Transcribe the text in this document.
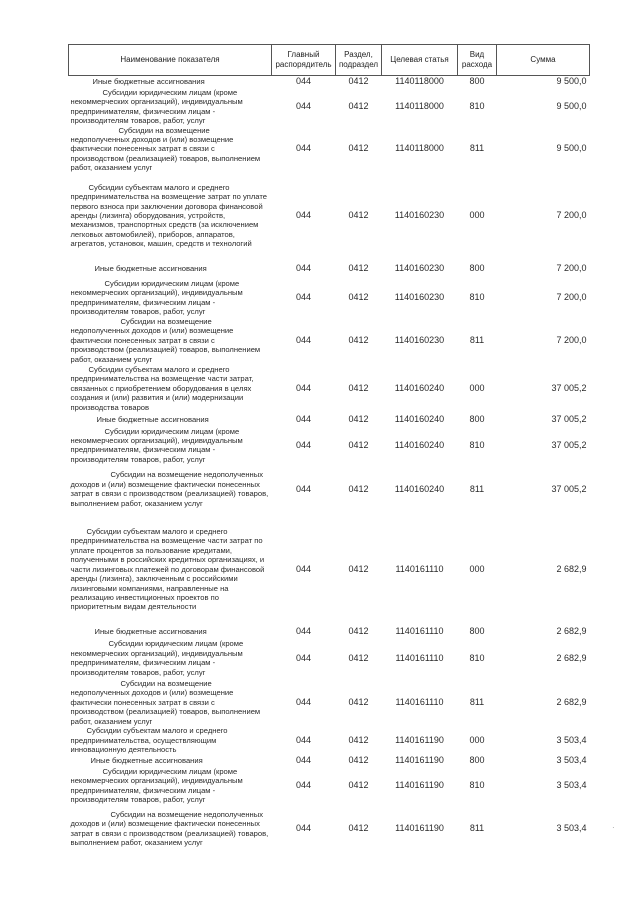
Наименование показателя	Главный распорядитель	Раздел, подраздел	Целевая статья	Вид расхода	Сумма

Иные бюджетные ассигнования	044	0412	1140118000	800	9 500,0

Субсидии юридическим лицам (кроме некоммерческих организаций), индивидуальным предпринимателям, физическим лицам - производителям товаров, работ, услуг	044	0412	1140118000	810	9 500,0

Субсидии на возмещение недополученных доходов и (или) возмещение фактически понесенных затрат в связи с производством (реализацией) товаров, выполнением работ, оказанием услуг	044	0412	1140118000	811	9 500,0

Субсидии субъектам малого и среднего предпринимательства на возмещение затрат по уплате первого взноса при заключении договора финансовой аренды (лизинга) оборудования, устройств, механизмов, транспортных средств (за исключением легковых автомобилей), приборов, аппаратов, агрегатов, установок, машин, средств и технологий	044	0412	1140160230	000	7 200,0

Иные бюджетные ассигнования	044	0412	1140160230	800	7 200,0

Субсидии юридическим лицам (кроме некоммерческих организаций), индивидуальным предпринимателям, физическим лицам - производителям товаров, работ, услуг	044	0412	1140160230	810	7 200,0

Субсидии на возмещение недополученных доходов и (или) возмещение фактически понесенных затрат в связи с производством (реализацией) товаров, выполнением работ, оказанием услуг	044	0412	1140160230	811	7 200,0

Субсидии субъектам малого и среднего предпринимательства на возмещение части затрат, связанных с приобретением оборудования в целях создания и (или) развития и (или) модернизации производства товаров	044	0412	1140160240	000	37 005,2

Иные бюджетные ассигнования	044	0412	1140160240	800	37 005,2

Субсидии юридическим лицам (кроме некоммерческих организаций), индивидуальным предпринимателям, физическим лицам - производителям товаров, работ, услуг	044	0412	1140160240	810	37 005,2

Субсидии на возмещение недополученных доходов и (или) возмещение фактически понесенных затрат в связи с производством (реализацией) товаров, выполнением работ, оказанием услуг	044	0412	1140160240	811	37 005,2

Субсидии субъектам малого и среднего предпринимательства на возмещение части затрат по уплате процентов за пользование кредитами, полученными в российских кредитных организациях, и части лизинговых платежей по договорам финансовой аренды (лизинга), заключенным с российскими лизинговыми компаниями, направленные на реализацию инвестиционных проектов по приоритетным видам деятельности	044	0412	1140161110	000	2 682,9

Иные бюджетные ассигнования	044	0412	1140161110	800	2 682,9

Субсидии юридическим лицам (кроме некоммерческих организаций), индивидуальным предпринимателям, физическим лицам - производителям товаров, работ, услуг	044	0412	1140161110	810	2 682,9

Субсидии на возмещение недополученных доходов и (или) возмещение фактически понесенных затрат в связи с производством (реализацией) товаров, выполнением работ, оказанием услуг	044	0412	1140161110	811	2 682,9

Субсидии субъектам малого и среднего предпринимательства, осуществляющим инновационную деятельность	044	0412	1140161190	000	3 503,4

Иные бюджетные ассигнования	044	0412	1140161190	800	3 503,4

Субсидии юридическим лицам (кроме некоммерческих организаций), индивидуальным предпринимателям, физическим лицам - производителям товаров, работ, услуг	044	0412	1140161190	810	3 503,4

Субсидии на возмещение недополученных доходов и (или) возмещение фактически понесенных затрат в связи с производством (реализацией) товаров, выполнением работ, оказанием услуг	044	0412	1140161190	811	3 503,4	·
